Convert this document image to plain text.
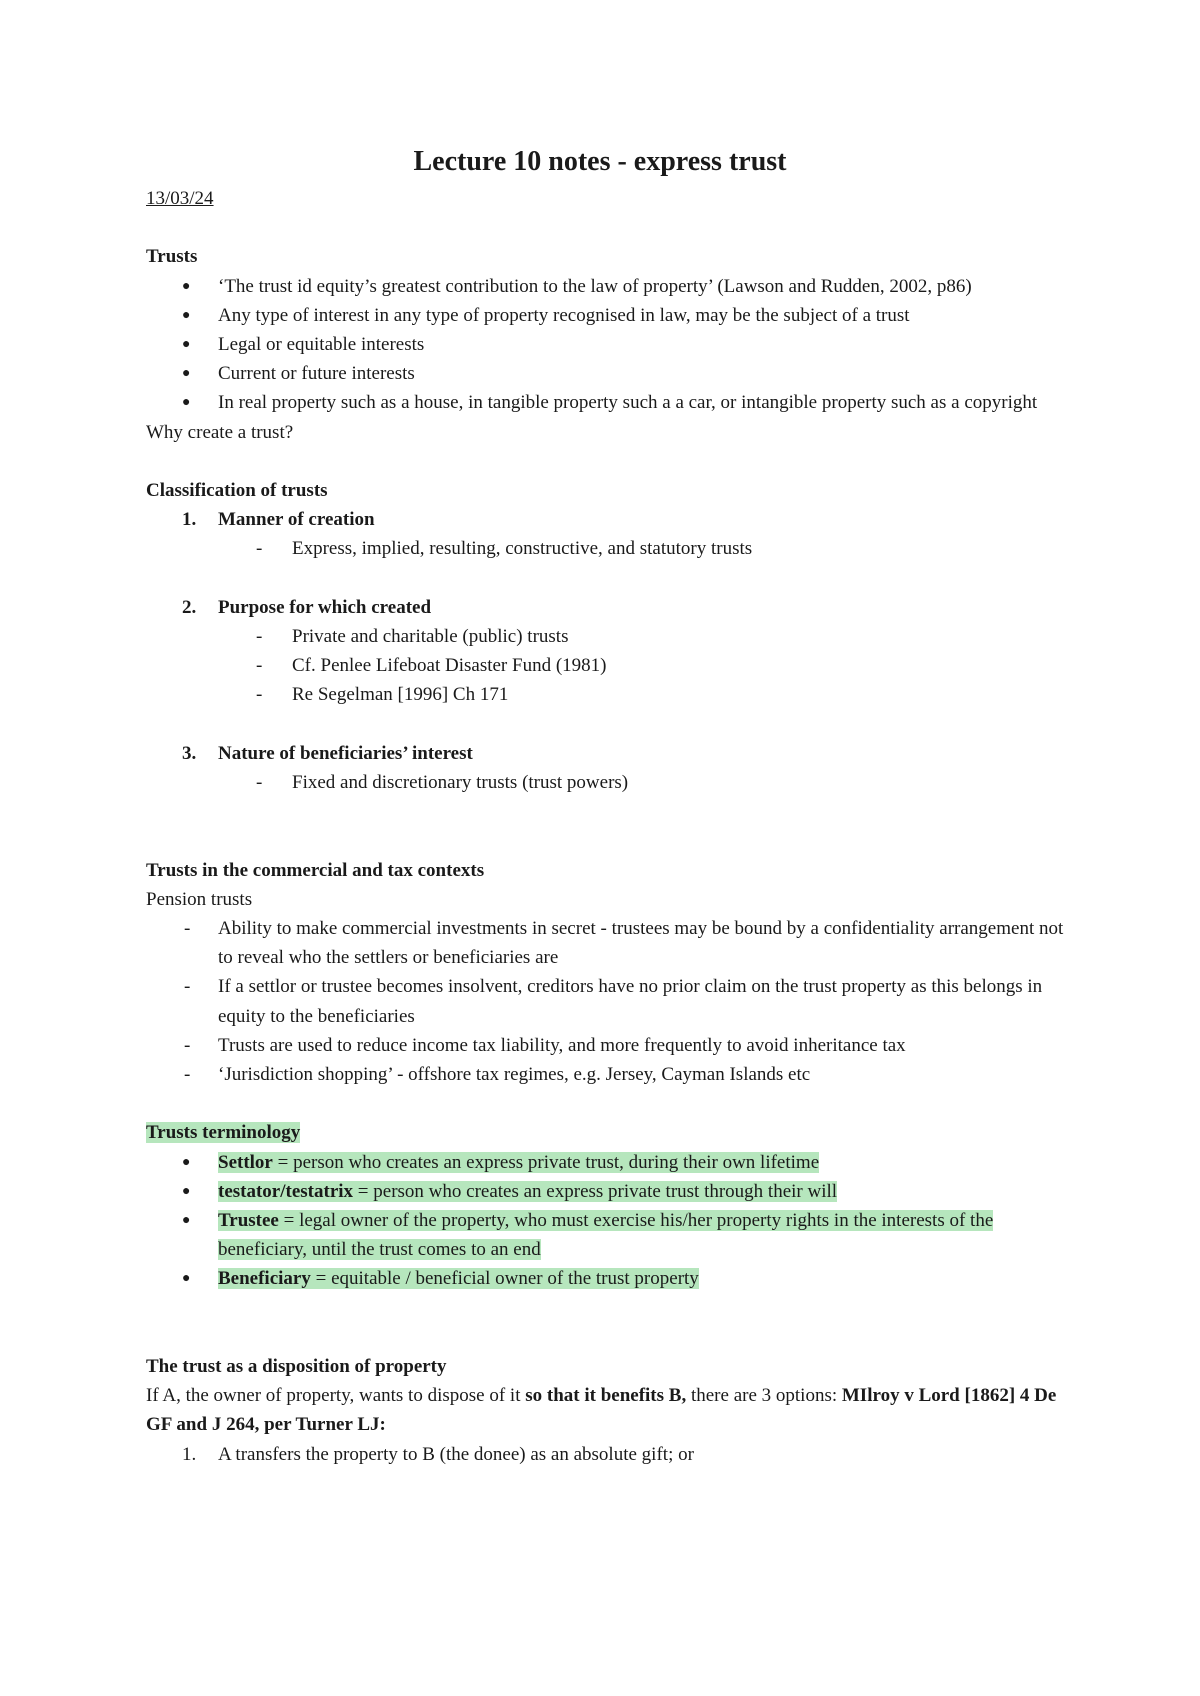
Lecture 10 notes - express trust

13/03/24

Trusts

● ‘The trust id equity’s greatest contribution to the law of property’ (Lawson and Rudden, 2002, p86)
● Any type of interest in any type of property recognised in law, may be the subject of a trust
● Legal or equitable interests
● Current or future interests
● In real property such as a house, in tangible property such a a car, or intangible property such as a copyright

Why create a trust?

Classification of trusts

1. Manner of creation
- Express, implied, resulting, constructive, and statutory trusts
2. Purpose for which created
- Private and charitable (public) trusts
- Cf. Penlee Lifeboat Disaster Fund (1981)
- Re Segelman [1996] Ch 171
3. Nature of beneficiaries’ interest
- Fixed and discretionary trusts (trust powers)

Trusts in the commercial and tax contexts

Pension trusts

- Ability to make commercial investments in secret - trustees may be bound by a confidentiality arrangement not to reveal who the settlers or beneficiaries are
- If a settlor or trustee becomes insolvent, creditors have no prior claim on the trust property as this belongs in equity to the beneficiaries
- Trusts are used to reduce income tax liability, and more frequently to avoid inheritance tax
- ‘Jurisdiction shopping’ - offshore tax regimes, e.g. Jersey, Cayman Islands etc

Trusts terminology

● Settlor = person who creates an express private trust, during their own lifetime
● testator/testatrix = person who creates an express private trust through their will
● Trustee = legal owner of the property, who must exercise his/her property rights in the interests of the beneficiary, until the trust comes to an end
● Beneficiary = equitable / beneficial owner of the trust property

The trust as a disposition of property

If A, the owner of property, wants to dispose of it so that it benefits B, there are 3 options: MIlroy v Lord [1862] 4 De GF and J 264, per Turner LJ:

1. A transfers the property to B (the donee) as an absolute gift; or
